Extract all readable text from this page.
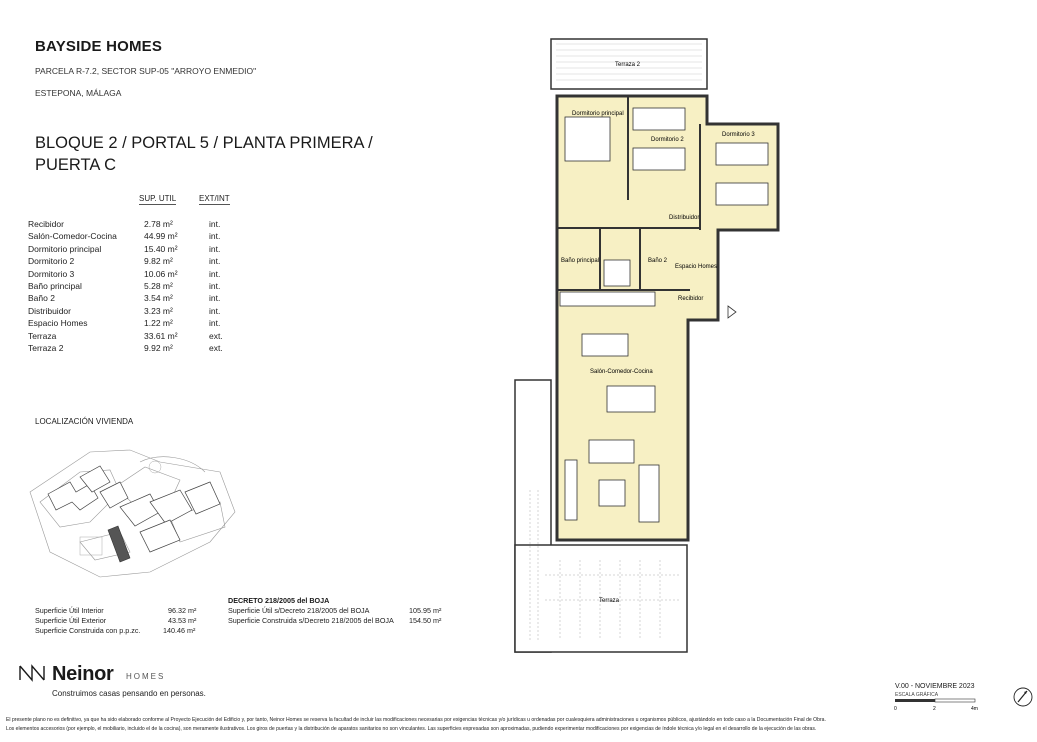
BAYSIDE HOMES
PARCELA R-7.2, SECTOR SUP-05 "ARROYO ENMEDIO"
ESTEPONA, MÁLAGA
BLOQUE 2 / PORTAL 5 / PLANTA PRIMERA /
PUERTA C
SUP. UTIL	EXT/INT
Recibidor	2.78 m²	int.
Salón-Comedor-Cocina	44.99 m²	int.
Dormitorio principal	15.40 m²	int.
Dormitorio 2	9.82 m²	int.
Dormitorio 3	10.06 m²	int.
Baño principal	5.28 m²	int.
Baño 2	3.54 m²	int.
Distribuidor	3.23 m²	int.
Espacio Homes	1.22 m²	int.
Terraza	33.61 m²	ext.
Terraza 2	9.92 m²	ext.
LOCALIZACIÓN VIVIENDA
Superficie Útil Interior	96.32 m²
Superficie Útil Exterior	43.53 m²
Superficie Construida con p.p.zc.	140.46 m²
DECRETO 218/2005 del BOJA
Superficie Útil s/Decreto 218/2005 del BOJA	105.95 m²
Superficie Construida s/Decreto 218/2005 del BOJA 154.50 m²
Neinor HOMES
Construimos casas pensando en personas.
V.00 - NOVIEMBRE 2023
ESCALA GRÁFICA
0	2	4m
El presente plano no es definitivo, ya que ha sido elaborado conforme al Proyecto Ejecución del Edificio y, por tanto, Neinor Homes se reserva la facultad de incluir las modificaciones necesarias por exigencias técnicas y/o jurídicas u ordenadas por cualesquiera administraciones u organismos públicos, ajustándolo en todo caso a la Documentación Final de Obra.
Los elementos accesorios (por ejemplo, el mobiliario, incluido el de la cocina), son meramente ilustrativos. Los giros de puertas y la distribución de aparatos sanitarios no son vinculantes. Las superficies expresadas son aproximadas, pudiendo experimentar modificaciones por exigencias de índole técnica y/o legal en el desarrollo de la ejecución de las obras.
Terraza 2
Dormitorio principal
Dormitorio 2
Dormitorio 3
Distribuidor
Baño principal	Baño 2
Espacio Homes
Recibidor
Salón-Comedor-Cocina
Terraza
